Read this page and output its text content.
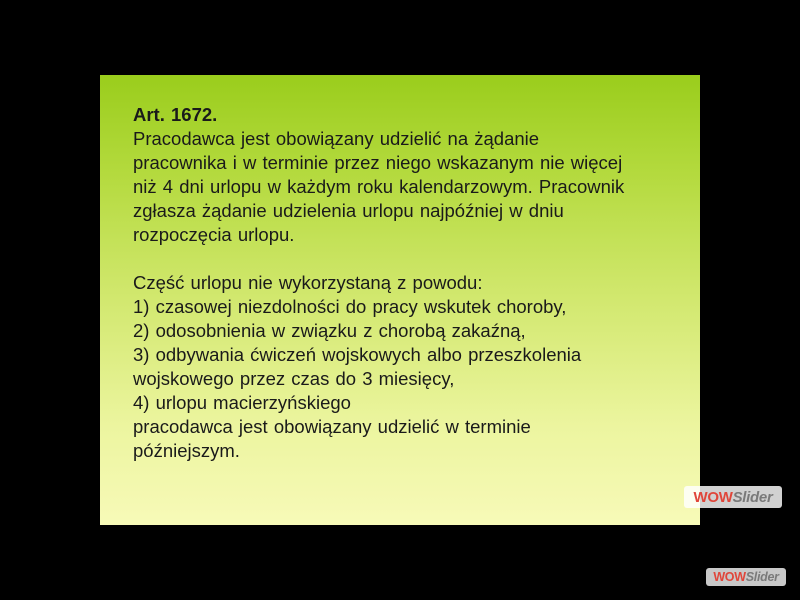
Art. 1672.

Pracodawca jest obowiązany udzielić na żądanie

pracownika i w terminie przez niego wskazanym nie więcej

niż 4 dni urlopu w każdym roku kalendarzowym. Pracownik

zgłasza żądanie udzielenia urlopu najpóźniej w dniu

rozpoczęcia urlopu.

Część urlopu nie wykorzystaną z powodu:

1) czasowej niezdolności do pracy wskutek choroby,

2) odosobnienia w związku z chorobą zakaźną,

3) odbywania ćwiczeń wojskowych albo przeszkolenia

wojskowego przez czas do 3 miesięcy,

4) urlopu macierzyńskiego

pracodawca jest obowiązany udzielić w terminie

późniejszym.

WOW Slider
WOW Slider
